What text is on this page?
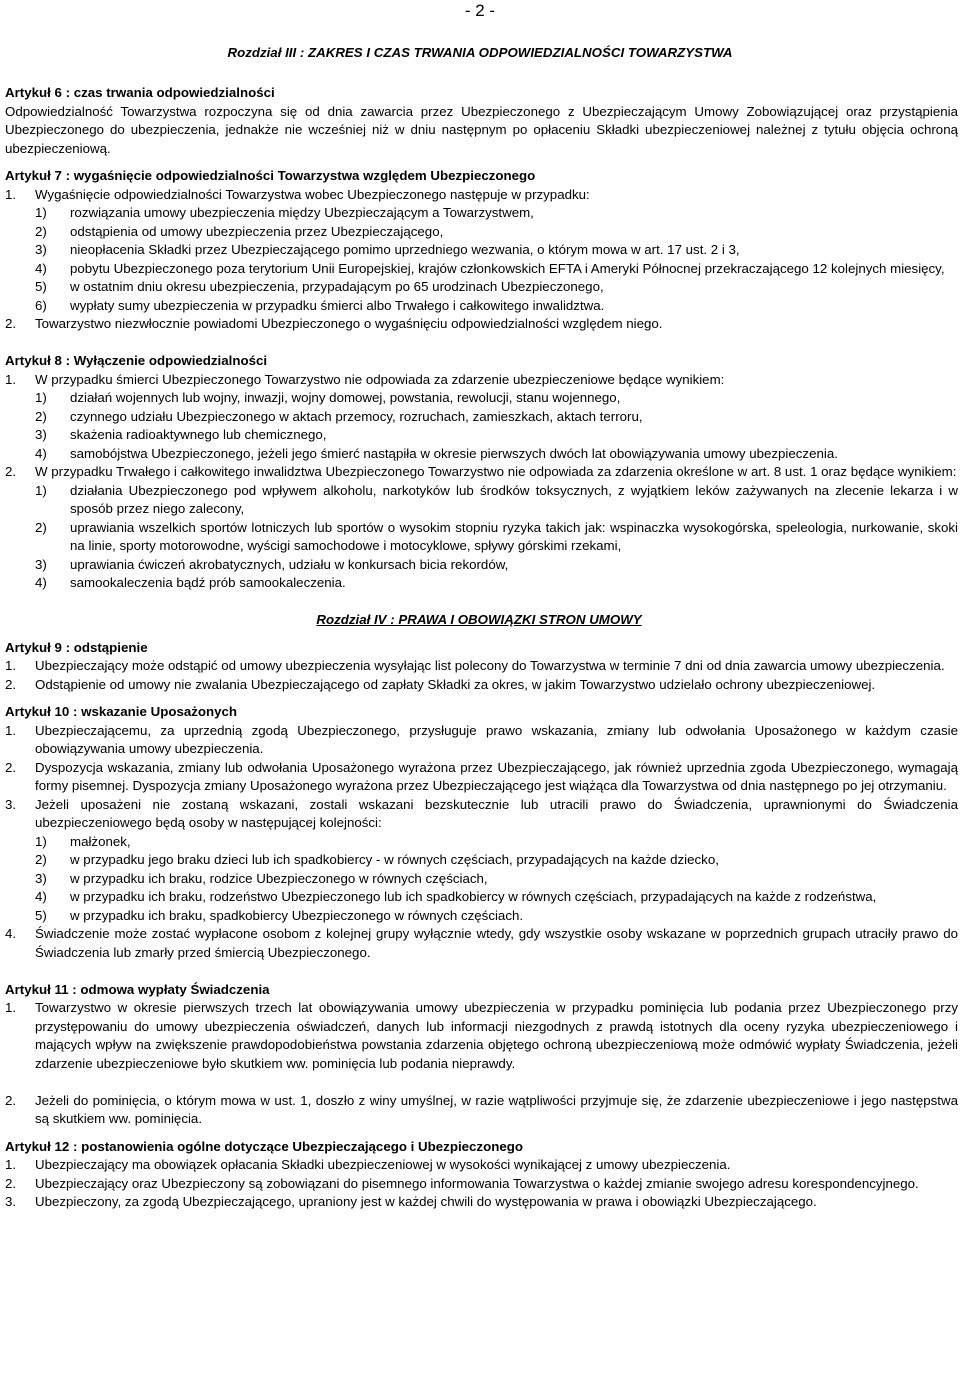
- 2 -
Rozdział III : ZAKRES I CZAS TRWANIA ODPOWIEDZIALNOŚCI TOWARZYSTWA
Artykuł 6 : czas trwania odpowiedzialności
Odpowiedzialność Towarzystwa rozpoczyna się od dnia zawarcia przez Ubezpieczonego z Ubezpieczającym Umowy Zobowiązującej oraz przystąpienia Ubezpieczonego do ubezpieczenia, jednakże nie wcześniej niż w dniu następnym po opłaceniu Składki ubezpieczeniowej należnej z tytułu objęcia ochroną ubezpieczeniową.
Artykuł 7 : wygaśnięcie odpowiedzialności Towarzystwa względem Ubezpieczonego
1.	Wygaśnięcie odpowiedzialności Towarzystwa wobec Ubezpieczonego następuje w przypadku:
1)	rozwiązania umowy ubezpieczenia między Ubezpieczającym a Towarzystwem,
2)	odstąpienia od umowy ubezpieczenia przez Ubezpieczającego,
3)	nieopłacenia Składki przez Ubezpieczającego pomimo uprzedniego wezwania, o którym mowa w art. 17 ust. 2 i 3,
4)	pobytu Ubezpieczonego poza terytorium Unii Europejskiej, krajów członkowskich EFTA i Ameryki Północnej przekraczającego 12 kolejnych miesięcy,
5)	w ostatnim dniu okresu ubezpieczenia, przypadającym po 65 urodzinach Ubezpieczonego,
6)	wypłaty sumy ubezpieczenia w przypadku śmierci albo Trwałego i całkowitego inwalidztwa.
2.	Towarzystwo niezwłocznie powiadomi Ubezpieczonego o wygaśnięciu odpowiedzialności względem niego.
Artykuł 8 : Wyłączenie odpowiedzialności
1.	W przypadku śmierci Ubezpieczonego Towarzystwo nie odpowiada za zdarzenie ubezpieczeniowe będące wynikiem:
1)	działań wojennych lub wojny, inwazji, wojny domowej, powstania, rewolucji, stanu wojennego,
2)	czynnego udziału Ubezpieczonego w aktach przemocy, rozruchach, zamieszkach, aktach terroru,
3)	skażenia radioaktywnego lub chemicznego,
4)	samobójstwa Ubezpieczonego, jeżeli jego śmierć nastąpiła w okresie pierwszych dwóch lat obowiązywania umowy ubezpieczenia.
2.	W przypadku Trwałego i całkowitego inwalidztwa Ubezpieczonego Towarzystwo nie odpowiada za zdarzenia określone w art. 8 ust. 1 oraz będące wynikiem:
1)	działania Ubezpieczonego pod wpływem alkoholu, narkotyków lub środków toksycznych, z wyjątkiem leków zażywanych na zlecenie lekarza i w sposób przez niego zalecony,
2)	uprawiania wszelkich sportów lotniczych lub sportów o wysokim stopniu ryzyka takich jak: wspinaczka wysokogórska, speleologia, nurkowanie, skoki na linie, sporty motorowodne, wyścigi samochodowe i motocyklowe, spływy górskimi rzekami,
3)	uprawiania ćwiczeń akrobatycznych, udziału w konkursach bicia rekordów,
4)	samookaleczenia bądź prób samookaleczenia.
Rozdział IV : PRAWA I OBOWIĄZKI STRON UMOWY
Artykuł 9 : odstąpienie
1.	Ubezpieczający może odstąpić od umowy ubezpieczenia wysyłając list polecony do Towarzystwa w terminie 7 dni od dnia zawarcia umowy ubezpieczenia.
2.	Odstąpienie od umowy nie zwalania Ubezpieczającego od zapłaty Składki za okres, w jakim Towarzystwo udzielało ochrony ubezpieczeniowej.
Artykuł 10 : wskazanie Uposażonych
1.	Ubezpieczającemu, za uprzednią zgodą Ubezpieczonego, przysługuje prawo wskazania, zmiany lub odwołania Uposażonego w każdym czasie obowiązywania umowy ubezpieczenia.
2.	Dyspozycja wskazania, zmiany lub odwołania Uposażonego wyrażona przez Ubezpieczającego, jak również uprzednia zgoda Ubezpieczonego, wymagają formy pisemnej. Dyspozycja zmiany Uposażonego wyrażona przez Ubezpieczającego jest wiążąca dla Towarzystwa od dnia następnego po jej otrzymaniu.
3.	Jeżeli uposażeni nie zostaną wskazani, zostali wskazani bezskutecznie lub utracili prawo do Świadczenia, uprawnionymi do Świadczenia ubezpieczeniowego będą osoby w następującej kolejności:
1)	małżonek,
2)	w przypadku jego braku dzieci lub ich spadkobiercy - w równych częściach, przypadających na każde dziecko,
3)	w przypadku ich braku, rodzice Ubezpieczonego w równych częściach,
4)	w przypadku ich braku, rodzeństwo Ubezpieczonego lub ich spadkobiercy w równych częściach, przypadających na każde z rodzeństwa,
5)	w przypadku ich braku, spadkobiercy Ubezpieczonego w równych częściach.
4.	Świadczenie może zostać wypłacone osobom z kolejnej grupy wyłącznie wtedy, gdy wszystkie osoby wskazane w poprzednich grupach utraciły prawo do Świadczenia lub zmarły przed śmiercią Ubezpieczonego.
Artykuł 11 : odmowa wypłaty Świadczenia
1.	Towarzystwo w okresie pierwszych trzech lat obowiązywania umowy ubezpieczenia w przypadku pominięcia lub podania przez Ubezpieczonego przy przystępowaniu do umowy ubezpieczenia oświadczeń, danych lub informacji niezgodnych z prawdą istotnych dla oceny ryzyka ubezpieczeniowego i mających wpływ na zwiększenie prawdopodobieństwa powstania zdarzenia objętego ochroną ubezpieczeniową może odmówić wypłaty Świadczenia, jeżeli zdarzenie ubezpieczeniowe było skutkiem ww. pominięcia lub podania nieprawdy.
2.	Jeżeli do pominięcia, o którym mowa w ust. 1, doszło z winy umyślnej, w razie wątpliwości przyjmuje się, że zdarzenie ubezpieczeniowe i jego następstwa są skutkiem ww. pominięcia.
Artykuł 12 : postanowienia ogólne dotyczące Ubezpieczającego i Ubezpieczonego
1.	Ubezpieczający ma obowiązek opłacania Składki ubezpieczeniowej w wysokości wynikającej z umowy ubezpieczenia.
2.	Ubezpieczający oraz Ubezpieczony są zobowiązani do pisemnego informowania Towarzystwa o każdej zmianie swojego adresu korespondencyjnego.
3.	Ubezpieczony, za zgodą Ubezpieczającego, upraniony jest w każdej chwili do występowania w prawa i obowiązki Ubezpieczającego.
